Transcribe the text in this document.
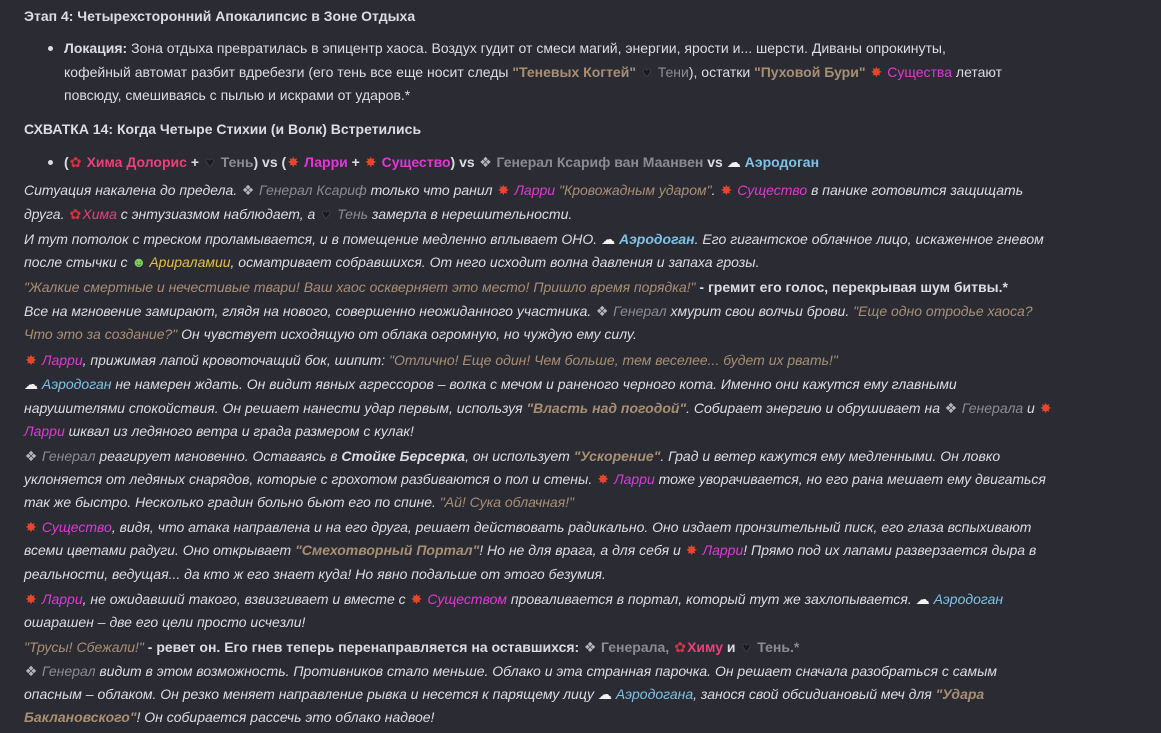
Этап 4: Четырехсторонний Апокалипсис в Зоне Отдыха
Локация: Зона отдыха превратилась в эпицентр хаоса. Воздух гудит от смеси магий, энергии, ярости и... шерсти. Диваны опрокинуты,
кофейный автомат разбит вдребезги (его тень все еще носит следы "Теневых Когтей" ♥ Тени), остатки "Пуховой Бури" ✸ Существа летают
повсюду, смешиваясь с пылью и искрами от ударов.*
СХВАТКА 14: Когда Четыре Стихии (и Волк) Встретились
(✿ Хима Долорис + ♥ Тень) vs (✸ Ларри + ✸ Существо) vs ❖ Генерал Ксариф ван Маанвен vs ☁ Аэродоган
Ситуация накалена до предела. ❖ Генерал Ксариф только что ранил ✸ Ларри "Кровожадным ударом". ✸ Существо в панике готовится защищать
друга. ✿Хима с энтузиазмом наблюдает, а ♥ Тень замерла в нерешительности.
И тут потолок с треском проламывается, и в помещение медленно вплывает ОНО. ☁ Аэродоган. Его гигантское облачное лицо, искаженное гневом
после стычки с ☻ Арираламии, осматривает собравшихся. От него исходит волна давления и запаха грозы.
"Жалкие смертные и нечестивые твари! Ваш хаос оскверняет это место! Пришло время порядка!" - гремит его голос, перекрывая шум битвы.*
Все на мгновение замирают, глядя на нового, совершенно неожиданного участника. ❖ Генерал хмурит свои волчьи брови. "Еще одно отродье хаоса?
Что это за создание?" Он чувствует исходящую от облака огромную, но чуждую ему силу.
✸ Ларри, прижимая лапой кровоточащий бок, шипит: "Отлично! Еще один! Чем больше, тем веселее... будет их рвать!"
☁ Аэродоган не намерен ждать. Он видит явных агрессоров – волка с мечом и раненого черного кота. Именно они кажутся ему главными
нарушителями спокойствия. Он решает нанести удар первым, используя "Власть над погодой". Собирает энергию и обрушивает на ❖ Генерала и ✸
Ларри шквал из ледяного ветра и града размером с кулак!
❖ Генерал реагирует мгновенно. Оставаясь в Стойке Берсерка, он использует "Ускорение". Град и ветер кажутся ему медленными. Он ловко
уклоняется от ледяных снарядов, которые с грохотом разбиваются о пол и стены. ✸ Ларри тоже уворачивается, но его рана мешает ему двигаться
так же быстро. Несколько градин больно бьют его по спине. "Ай! Сука облачная!"
✸ Существо, видя, что атака направлена и на его друга, решает действовать радикально. Оно издает пронзительный писк, его глаза вспыхивают
всеми цветами радуги. Оно открывает "Смехотворный Портал"! Но не для врага, а для себя и ✸ Ларри! Прямо под их лапами разверзается дыра в
реальности, ведущая... да кто ж его знает куда! Но явно подальше от этого безумия.
✸ Ларри, не ожидавший такого, взвизгивает и вместе с ✸ Существом проваливается в портал, который тут же захлопывается. ☁ Аэродоган
ошарашен – две его цели просто исчезли!
"Трусы! Сбежали!" - ревет он. Его гнев теперь перенаправляется на оставшихся: ❖ Генерала, ✿Химу и ♥ Тень.*
❖ Генерал видит в этом возможность. Противников стало меньше. Облако и эта странная парочка. Он решает сначала разобраться с самым
опасным – облаком. Он резко меняет направление рывка и несется к парящему лицу ☁ Аэродогана, занося свой обсидиановый меч для "Удара
Баклановского"! Он собирается рассечь это облако надвое!
